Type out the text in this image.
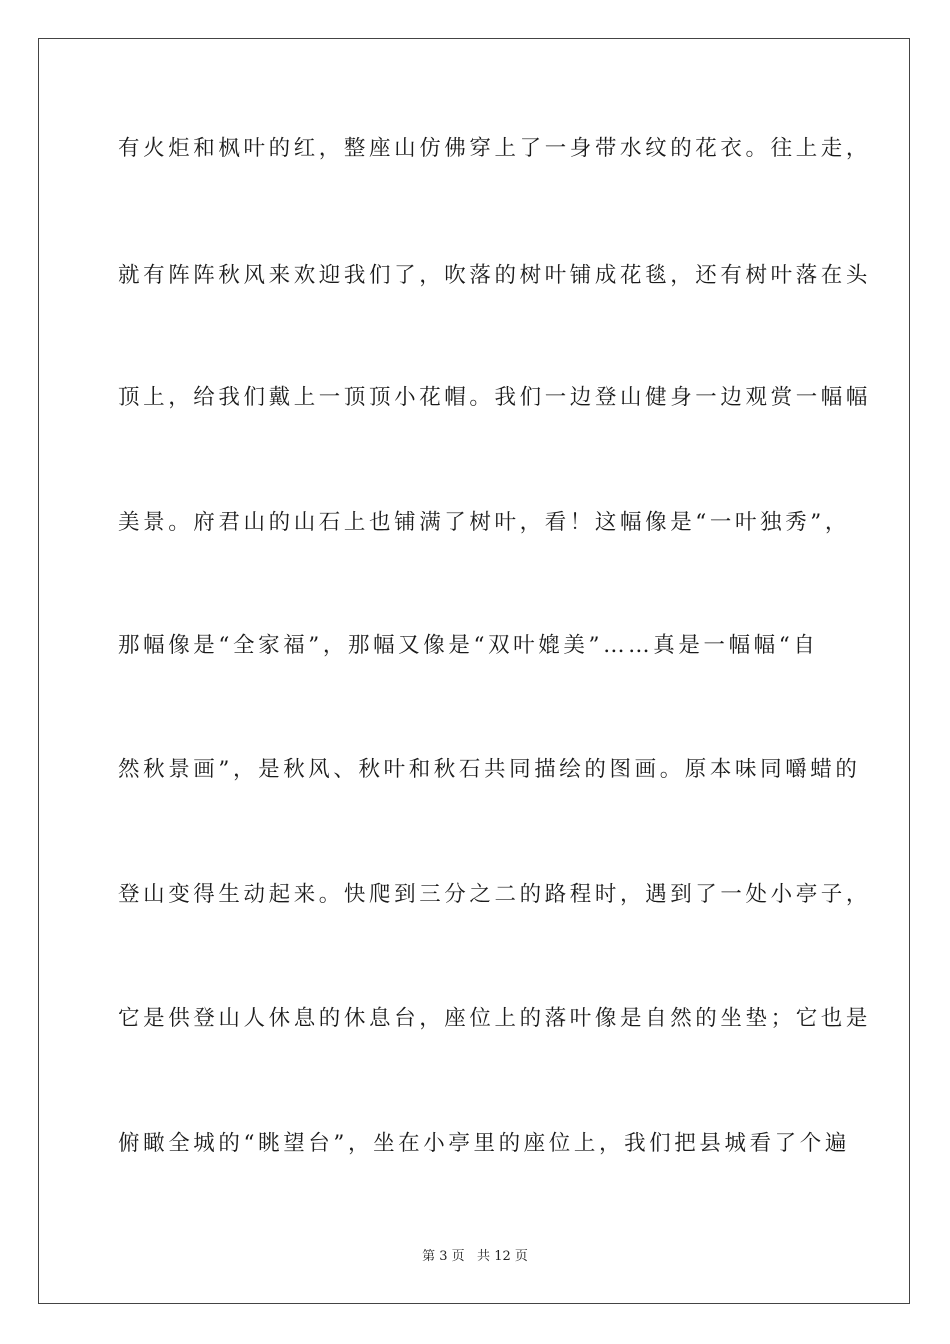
有火炬和枫叶的红，整座山仿佛穿上了一身带水纹的花衣。往上走，
就有阵阵秋风来欢迎我们了，吹落的树叶铺成花毯，还有树叶落在头
顶上，给我们戴上一顶顶小花帽。我们一边登山健身一边观赏一幅幅
美景。府君山的山石上也铺满了树叶，看！这幅像是“一叶独秀”，
那幅像是“全家福”，那幅又像是“双叶媲美”……真是一幅幅“自
然秋景画”，是秋风、秋叶和秋石共同描绘的图画。原本味同嚼蜡的
登山变得生动起来。快爬到三分之二的路程时，遇到了一处小亭子，
它是供登山人休息的休息台，座位上的落叶像是自然的坐垫；它也是
俯瞰全城的“眺望台”，坐在小亭里的座位上，我们把县城看了个遍
第 3 页   共 12 页
